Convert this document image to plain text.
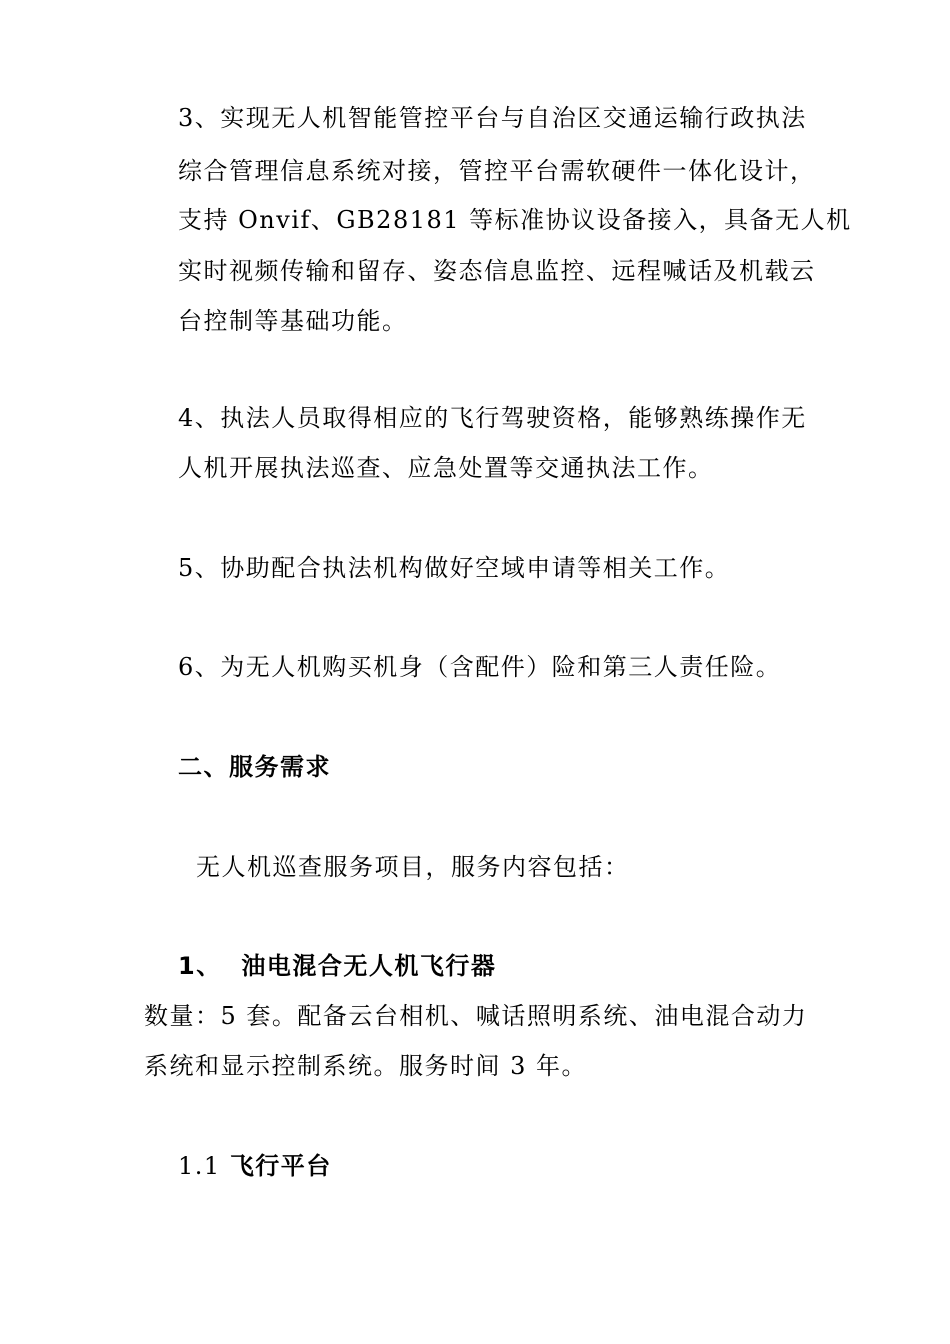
3、实现无人机智能管控平台与自治区交通运输行政执法
综合管理信息系统对接，管控平台需软硬件一体化设计，
支持 Onvif、GB28181 等标准协议设备接入，具备无人机
实时视频传输和留存、姿态信息监控、远程喊话及机载云
台控制等基础功能。
4、执法人员取得相应的飞行驾驶资格，能够熟练操作无
人机开展执法巡查、应急处置等交通执法工作。
5、协助配合执法机构做好空域申请等相关工作。
6、为无人机购买机身（含配件）险和第三人责任险。
二、服务需求
无人机巡查服务项目，服务内容包括：
1、  油电混合无人机飞行器
数量：5 套。配备云台相机、喊话照明系统、油电混合动力
系统和显示控制系统。服务时间 3 年。
1.1 飞行平台
